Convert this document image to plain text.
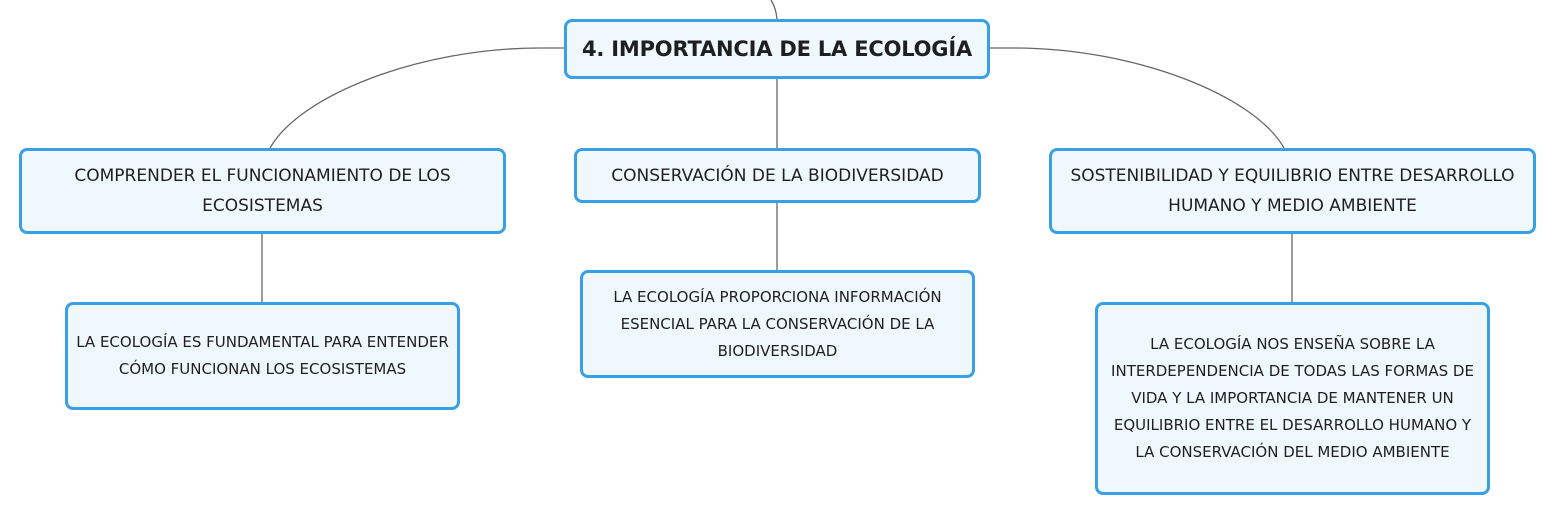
4. IMPORTANCIA DE LA ECOLOGÍA
COMPRENDER EL FUNCIONAMIENTO DE LOS ECOSISTEMAS
CONSERVACIÓN DE LA BIODIVERSIDAD	SOSTENIBILIDAD Y EQUILIBRIO ENTRE DESARROLLO HUMANO Y MEDIO AMBIENTE
LA ECOLOGÍA ES FUNDAMENTAL PARA ENTENDER CÓMO FUNCIONAN LOS ECOSISTEMAS
LA ECOLOGÍA PROPORCIONA INFORMACIÓN ESENCIAL PARA LA CONSERVACIÓN DE LA BIODIVERSIDAD	LA ECOLOGÍA NOS ENSEÑA SOBRE LA INTERDEPENDENCIA DE TODAS LAS FORMAS DE VIDA Y LA IMPORTANCIA DE MANTENER UN EQUILIBRIO ENTRE EL DESARROLLO HUMANO Y LA CONSERVACIÓN DEL MEDIO AMBIENTE
